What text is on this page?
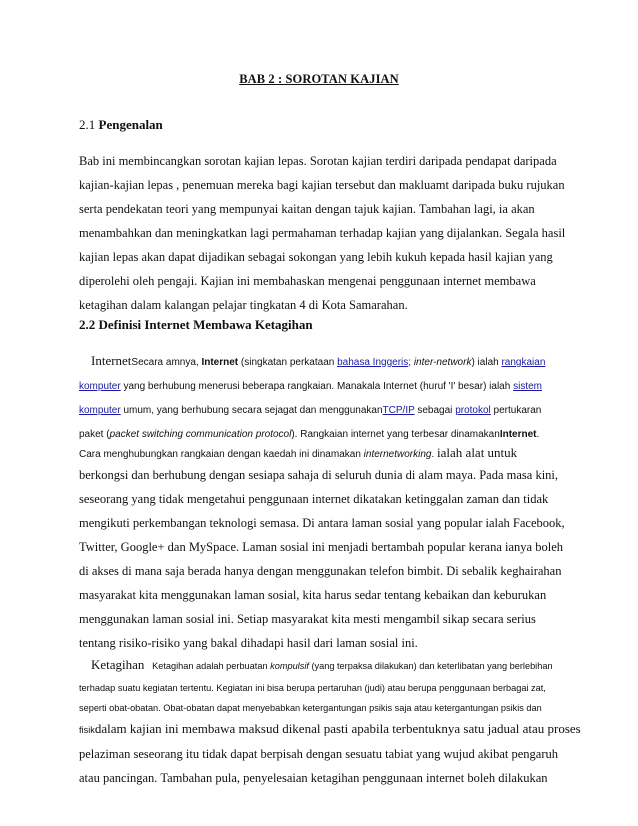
BAB 2 : SOROTAN KAJIAN
2.1 Pengenalan
Bab ini membincangkan sorotan kajian lepas. Sorotan kajian terdiri daripada pendapat daripada
kajian-kajian lepas , penemuan mereka bagi kajian tersebut dan makluamt daripada buku rujukan
serta pendekatan teori yang mempunyai kaitan dengan tajuk kajian. Tambahan lagi, ia akan
menambahkan dan meningkatkan lagi permahaman terhadap kajian yang dijalankan. Segala hasil
kajian lepas akan dapat dijadikan sebagai sokongan yang lebih kukuh kepada hasil kajian yang
diperolehi oleh pengaji. Kajian ini membahaskan mengenai penggunaan internet membawa
ketagihan dalam kalangan pelajar tingkatan 4 di Kota Samarahan.
2.2 Definisi Internet Membawa Ketagihan
InternetSecara amnya, Internet (singkatan perkataan bahasa Inggeris; inter-network) ialah rangkaian
komputer yang berhubung menerusi beberapa rangkaian. Manakala Internet (huruf 'I' besar) ialah sistem
komputer umum, yang berhubung secara sejagat dan menggunakanTCP/IP sebagai protokol pertukaran
paket (packet switching communication protocol). Rangkaian internet yang terbesar dinamakanInternet.
Cara menghubungkan rangkaian dengan kaedah ini dinamakan internetworking. ialah alat untuk
berkongsi dan berhubung dengan sesiapa sahaja di seluruh dunia di alam maya. Pada masa kini,
seseorang yang tidak mengetahui penggunaan internet dikatakan ketinggalan zaman dan tidak
mengikuti perkembangan teknologi semasa. Di antara laman sosial yang popular ialah Facebook,
Twitter, Google+ dan MySpace. Laman sosial ini menjadi bertambah popular kerana ianya boleh
di akses di mana saja berada hanya dengan menggunakan telefon bimbit. Di sebalik keghairahan
masyarakat kita menggunakan laman sosial, kita harus sedar tentang kebaikan dan keburukan
menggunakan laman sosial ini. Setiap masyarakat kita mesti mengambil sikap secara serius
tentang risiko-risiko yang bakal dihadapi hasil dari laman sosial ini.
Ketagihan Ketagihan adalah perbuatan kompulsif (yang terpaksa dilakukan) dan keterlibatan yang berlebihan
terhadap suatu kegiatan tertentu. Kegiatan ini bisa berupa pertaruhan (judi) atau berupa penggunaan berbagai zat,
seperti obat-obatan. Obat-obatan dapat menyebabkan ketergantungan psikis saja atau ketergantungan psikis dan
fisikdalam kajian ini membawa maksud dikenal pasti apabila terbentuknya satu jadual atau proses
pelaziman seseorang itu tidak dapat berpisah dengan sesuatu tabiat yang wujud akibat pengaruh
atau pancingan. Tambahan pula, penyelesaian ketagihan penggunaan internet boleh dilakukan
